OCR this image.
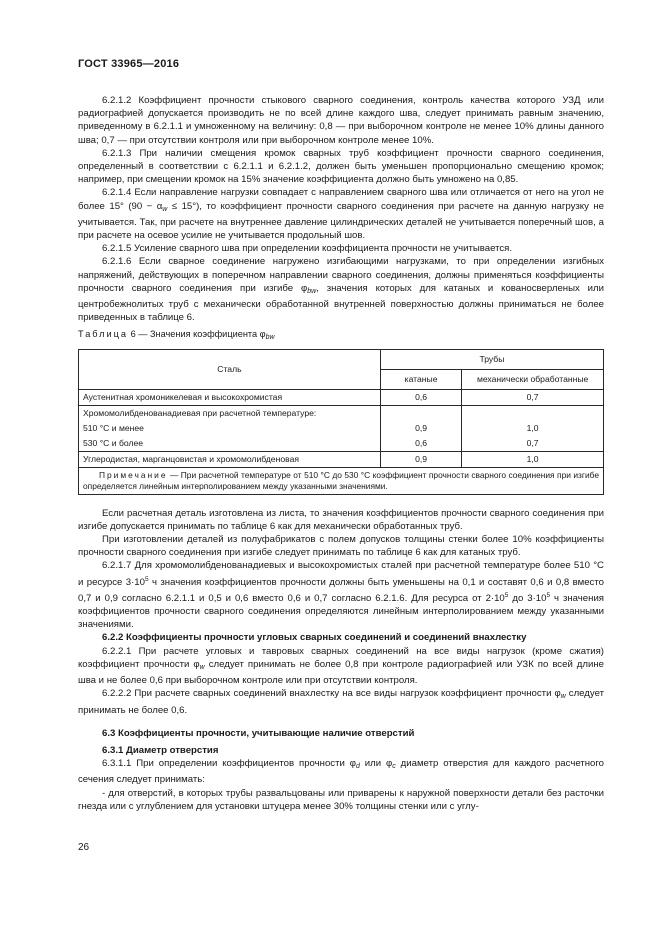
ГОСТ 33965—2016

6.2.1.2 Коэффициент прочности стыкового сварного соединения, контроль качества которого УЗД или радиографией допускается производить не по всей длине каждого шва, следует принимать равным значению, приведенному в 6.2.1.1 и умноженному на величину: 0,8 — при выборочном контроле не менее 10% длины данного шва; 0,7 — при отсутствии контроля или при выборочном контроле менее 10%.

6.2.1.3 При наличии смещения кромок сварных труб коэффициент прочности сварного соединения, определенный в соответствии с 6.2.1.1 и 6.2.1.2, должен быть уменьшен пропорционально смещению кромок; например, при смещении кромок на 15% значение коэффициента должно быть умножено на 0,85.

6.2.1.4 Если направление нагрузки совпадает с направлением сварного шва или отличается от него на угол не более 15° $(90 - \alpha_w \le 15^\circ)$, то коэффициент прочности сварного соединения при расчете на данную нагрузку не учитывается. Так, при расчете на внутреннее давление цилиндрических деталей не учитывается поперечный шов, а при расчете на осевое усилие не учитывается продольный шов.

6.2.1.5 Усиление сварного шва при определении коэффициента прочности не учитывается.

6.2.1.6 Если сварное соединение нагружено изгибающими нагрузками, то при определении изгибных напряжений, действующих в поперечном направлении сварного соединения, должны применяться коэффициенты прочности сварного соединения при изгибе $\varphi_{bw}$, значения которых для катаных и кованосверленых или центробежнолитых труб с механически обработанной внутренней поверхностью должны приниматься не более приведенных в таблице 6.

Таблица 6 — Значения коэффициента $\varphi_{bw}$

Сталь	Трубы	
	катаные	механически обработанные
Аустенитная хромоникелевая и высокохромистая	0,6	0,7
Хромомолибденованадиевая при расчетной температуре:		
510 °С и менее	0,9	1,0
530 °С и более	0,6	0,7
Углеродистая, марганцовистая и хромомолибденовая	0,9	1,0
Примечание — При расчетной температуре от 510 °С до 530 °С коэффициент прочности сварного соединения при изгибе определяется линейным интерполированием между указанными значениями.		

Если расчетная деталь изготовлена из листа, то значения коэффициентов прочности сварного соединения при изгибе допускается принимать по таблице 6 как для механически обработанных труб.

При изготовлении деталей из полуфабрикатов с полем допусков толщины стенки более 10% коэффициенты прочности сварного соединения при изгибе следует принимать по таблице 6 как для катаных труб.

6.2.1.7 Для хромомолибденованадиевых и высокохромистых сталей при расчетной температуре более 510 °С и ресурсе $3\cdot 10^5$ ч значения коэффициентов прочности должны быть уменьшены на 0,1 и составят 0,6 и 0,8 вместо 0,7 и 0,9 согласно 6.2.1.1 и 0,5 и 0,6 вместо 0,6 и 0,7 согласно 6.2.1.6. Для ресурса от $2\cdot 10^5$ до $3\cdot 10^5$ ч значения коэффициентов прочности сварного соединения определяются линейным интерполированием между указанными значениями.

6.2.2 Коэффициенты прочности угловых сварных соединений и соединений внахлестку

6.2.2.1 При расчете угловых и тавровых сварных соединений на все виды нагрузок (кроме сжатия) коэффициент прочности $\varphi_w$ следует принимать не более 0,8 при контроле радиографией или УЗК по всей длине шва и не более 0,6 при выборочном контроле или при отсутствии контроля.

6.2.2.2 При расчете сварных соединений внахлестку на все виды нагрузок коэффициент прочности $\varphi_w$ следует принимать не более 0,6.

6.3 Коэффициенты прочности, учитывающие наличие отверстий

6.3.1 Диаметр отверстия

6.3.1.1 При определении коэффициентов прочности $\varphi_d$ или $\varphi_c$ диаметр отверстия для каждого расчетного сечения следует принимать:

- для отверстий, в которых трубы развальцованы или приварены к наружной поверхности детали без расточки гнезда или с углублением для установки штуцера менее 30% толщины стенки или с углу-

26
